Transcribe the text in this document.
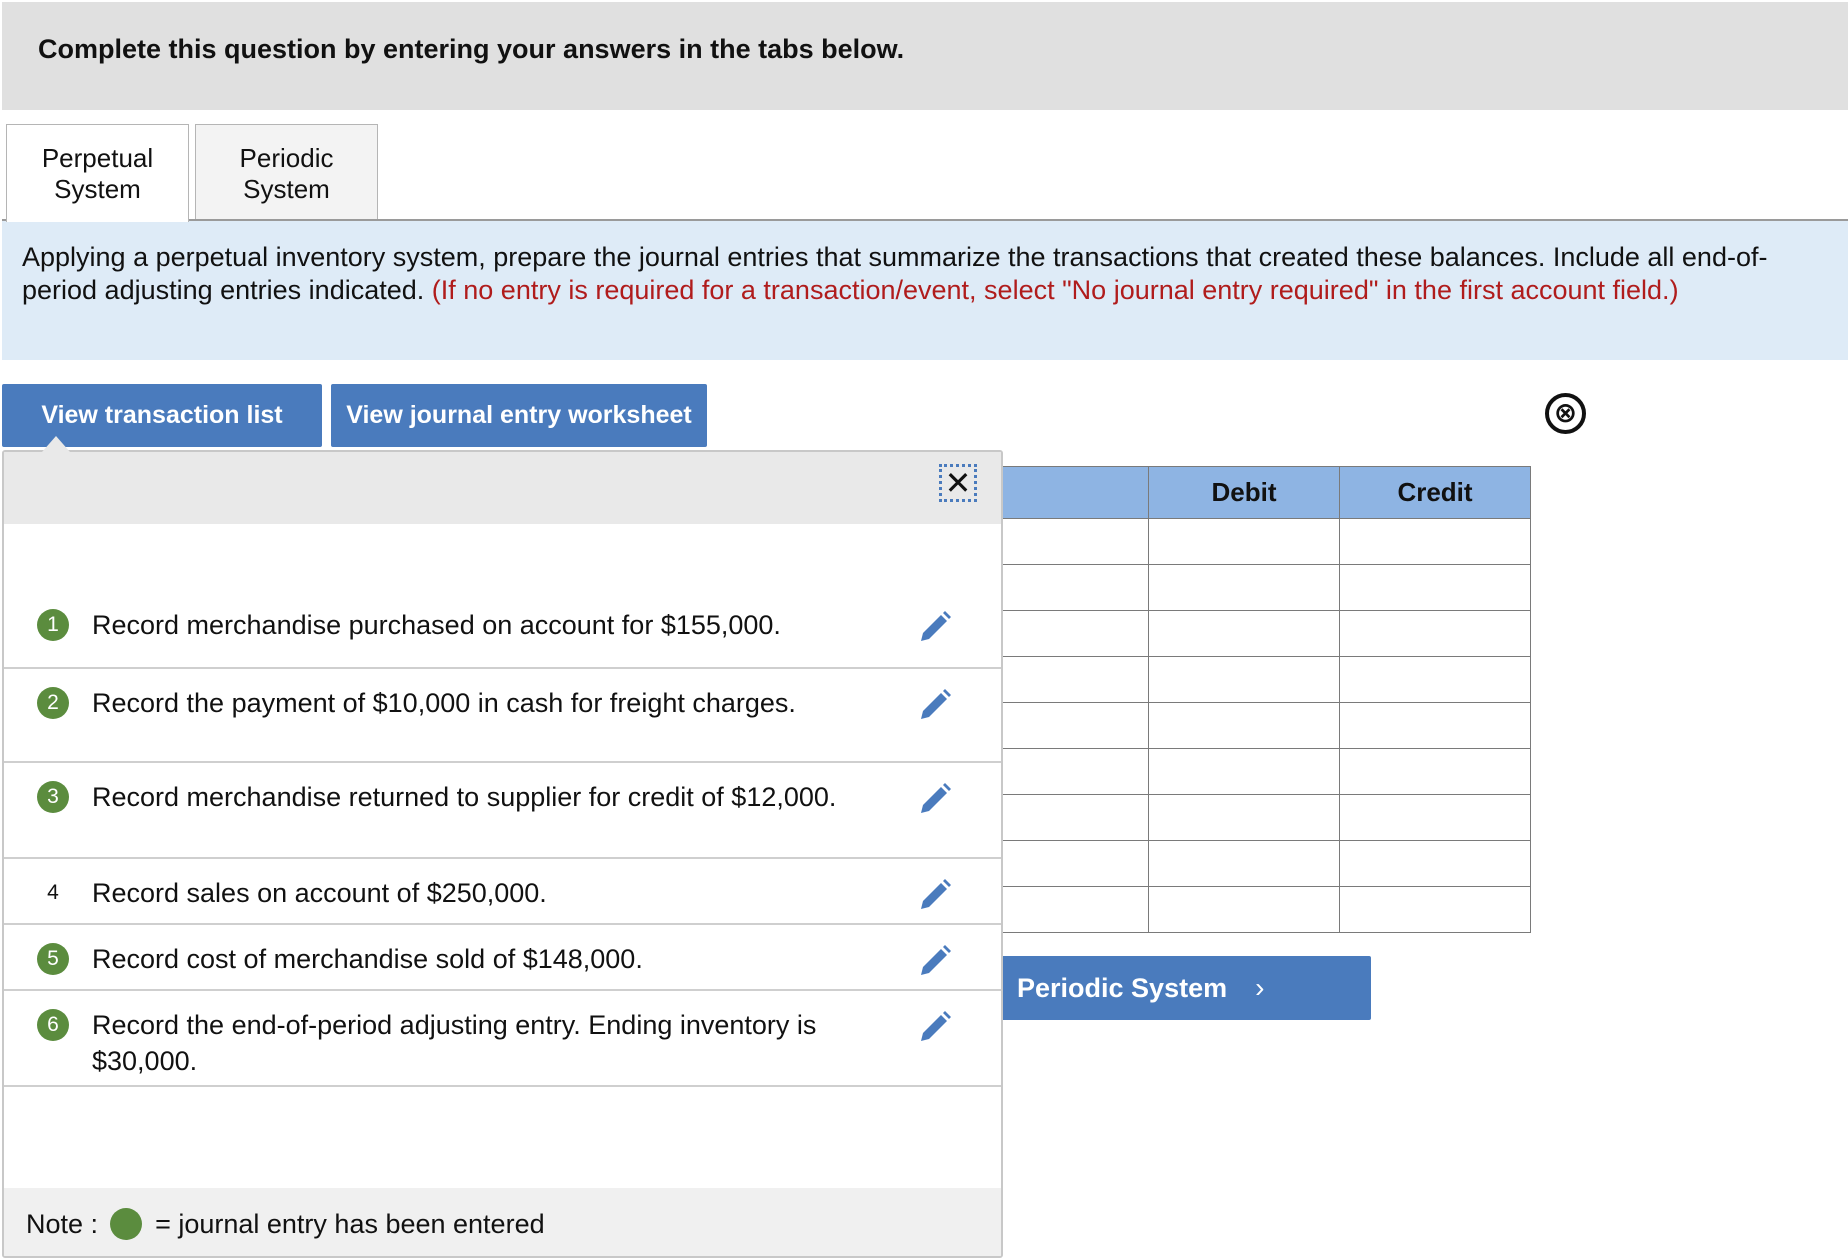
Complete this question by entering your answers in the tabs below.
Perpetual
System
Periodic
System
Applying a perpetual inventory system, prepare the journal entries that summarize the transactions that created these balances. Include all end-of-period adjusting entries indicated. (If no entry is required for a transaction/event, select "No journal entry required" in the first account field.)
View transaction list	View journal entry worksheet	⊗
	Debit	Credit

Periodic System ›
✕
1	Record merchandise purchased on account for $155,000.
2	Record the payment of $10,000 in cash for freight charges.
3	Record merchandise returned to supplier for credit of $12,000.
4	Record sales on account of $250,000.
5	Record cost of merchandise sold of $148,000.
6	Record the end-of-period adjusting entry. Ending inventory is $30,000.
Note : = journal entry has been entered
